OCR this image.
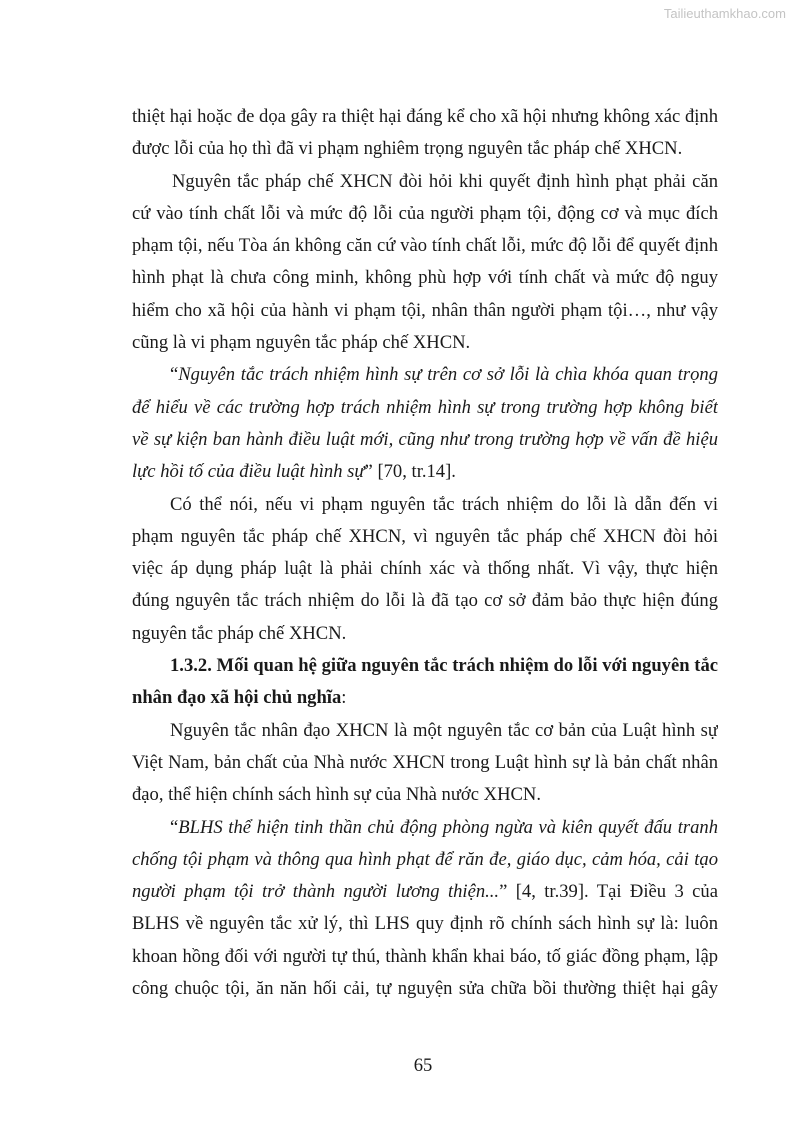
Tailieuthamkhao.com
thiệt hại hoặc đe dọa gây ra thiệt hại đáng kể cho xã hội nhưng không xác định
được lỗi của họ thì đã vi phạm nghiêm trọng nguyên tắc pháp chế XHCN.
Nguyên tắc pháp chế XHCN đòi hỏi khi quyết định hình phạt phải căn
cứ vào tính chất lỗi và mức độ lỗi của người phạm tội, động cơ và mục đích
phạm tội, nếu Tòa án không căn cứ vào tính chất lỗi, mức độ lỗi để quyết định
hình phạt là chưa công minh, không phù hợp với tính chất và mức độ nguy
hiểm cho xã hội của hành vi phạm tội, nhân thân người phạm tội…, như vậy
cũng là vi phạm nguyên tắc pháp chế XHCN.
“Nguyên tắc trách nhiệm hình sự trên cơ sở lỗi là chìa khóa quan trọng
để hiểu về các trường hợp trách nhiệm hình sự trong trường hợp không biết
về sự kiện ban hành điều luật mới, cũng như trong trường hợp về vấn đề hiệu
lực hồi tố của điều luật hình sự” [70, tr.14].
Có thể nói, nếu vi phạm nguyên tắc trách nhiệm do lỗi là dẫn đến vi
phạm nguyên tắc pháp chế XHCN, vì nguyên tắc pháp chế XHCN đòi hỏi
việc áp dụng pháp luật là phải chính xác và thống nhất. Vì vậy, thực hiện
đúng nguyên tắc trách nhiệm do lỗi là đã tạo cơ sở đảm bảo thực hiện đúng
nguyên tắc pháp chế XHCN.
1.3.2. Mối quan hệ giữa nguyên tắc trách nhiệm do lỗi với nguyên tắc
nhân đạo xã hội chủ nghĩa:
Nguyên tắc nhân đạo XHCN là một nguyên tắc cơ bản của Luật hình sự
Việt Nam, bản chất của Nhà nước XHCN trong Luật hình sự là bản chất nhân
đạo, thể hiện chính sách hình sự của Nhà nước XHCN.
“BLHS thể hiện tinh thần chủ động phòng ngừa và kiên quyết đấu tranh
chống tội phạm và thông qua hình phạt để răn đe, giáo dục, cảm hóa, cải tạo
người phạm tội trở thành người lương thiện...” [4, tr.39]. Tại Điều 3 của
BLHS về nguyên tắc xử lý, thì LHS quy định rõ chính sách hình sự là: luôn
khoan hồng đối với người tự thú, thành khẩn khai báo, tố giác đồng phạm, lập
công chuộc tội, ăn năn hối cải, tự nguyện sửa chữa bồi thường thiệt hại gây
65
